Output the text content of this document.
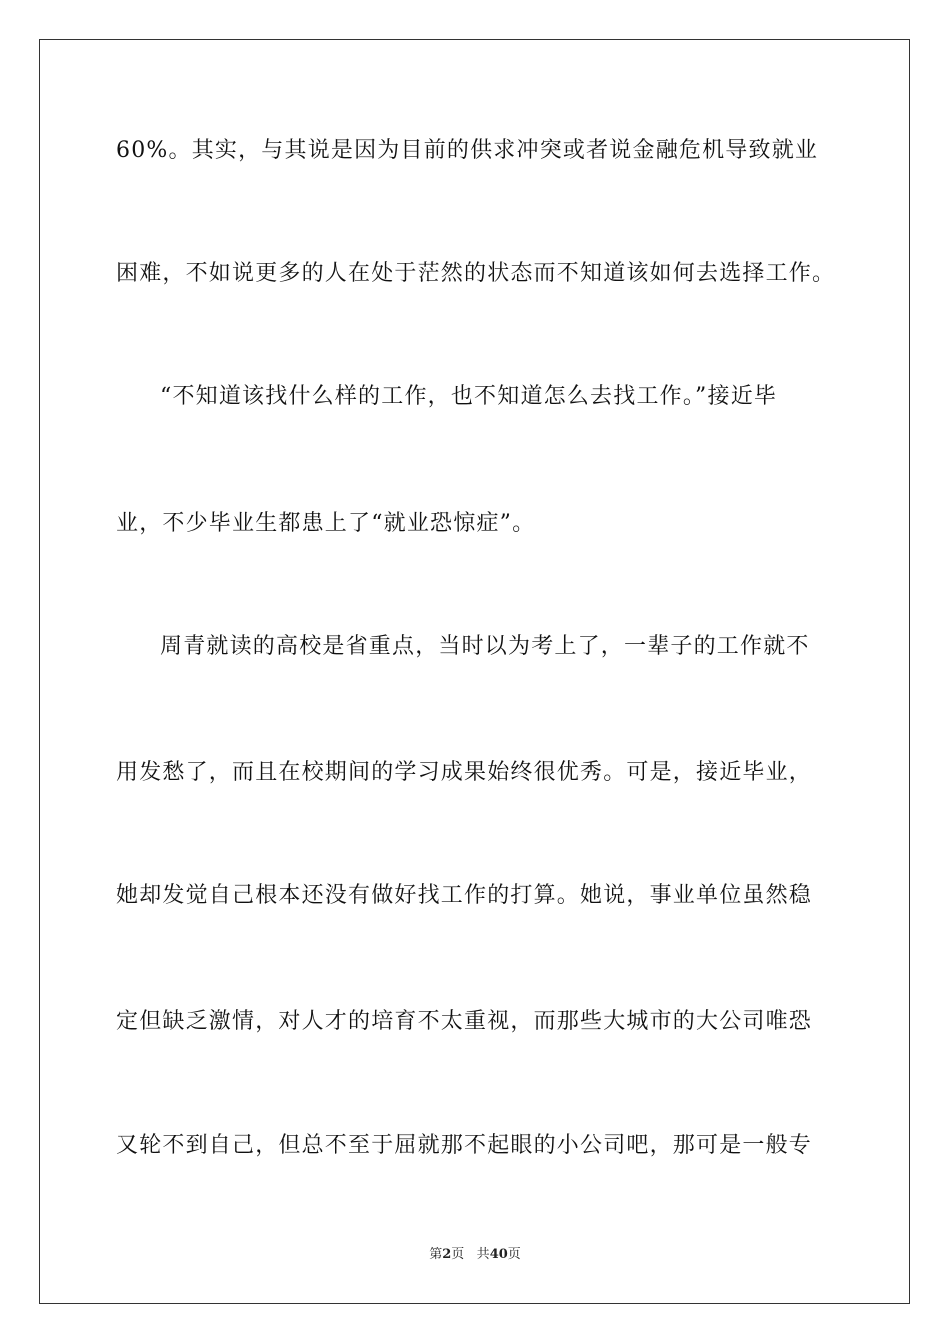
60%。其实，与其说是因为目前的供求冲突或者说金融危机导致就业
困难，不如说更多的人在处于茫然的状态而不知道该如何去选择工作。
“不知道该找什么样的工作，也不知道怎么去找工作。”接近毕
业，不少毕业生都患上了“就业恐惊症”。
周青就读的高校是省重点，当时以为考上了，一辈子的工作就不
用发愁了，而且在校期间的学习成果始终很优秀。可是，接近毕业，
她却发觉自己根本还没有做好找工作的打算。她说，事业单位虽然稳
定但缺乏激情，对人才的培育不太重视，而那些大城市的大公司唯恐
又轮不到自己，但总不至于屈就那不起眼的小公司吧，那可是一般专
第2页 共40页
